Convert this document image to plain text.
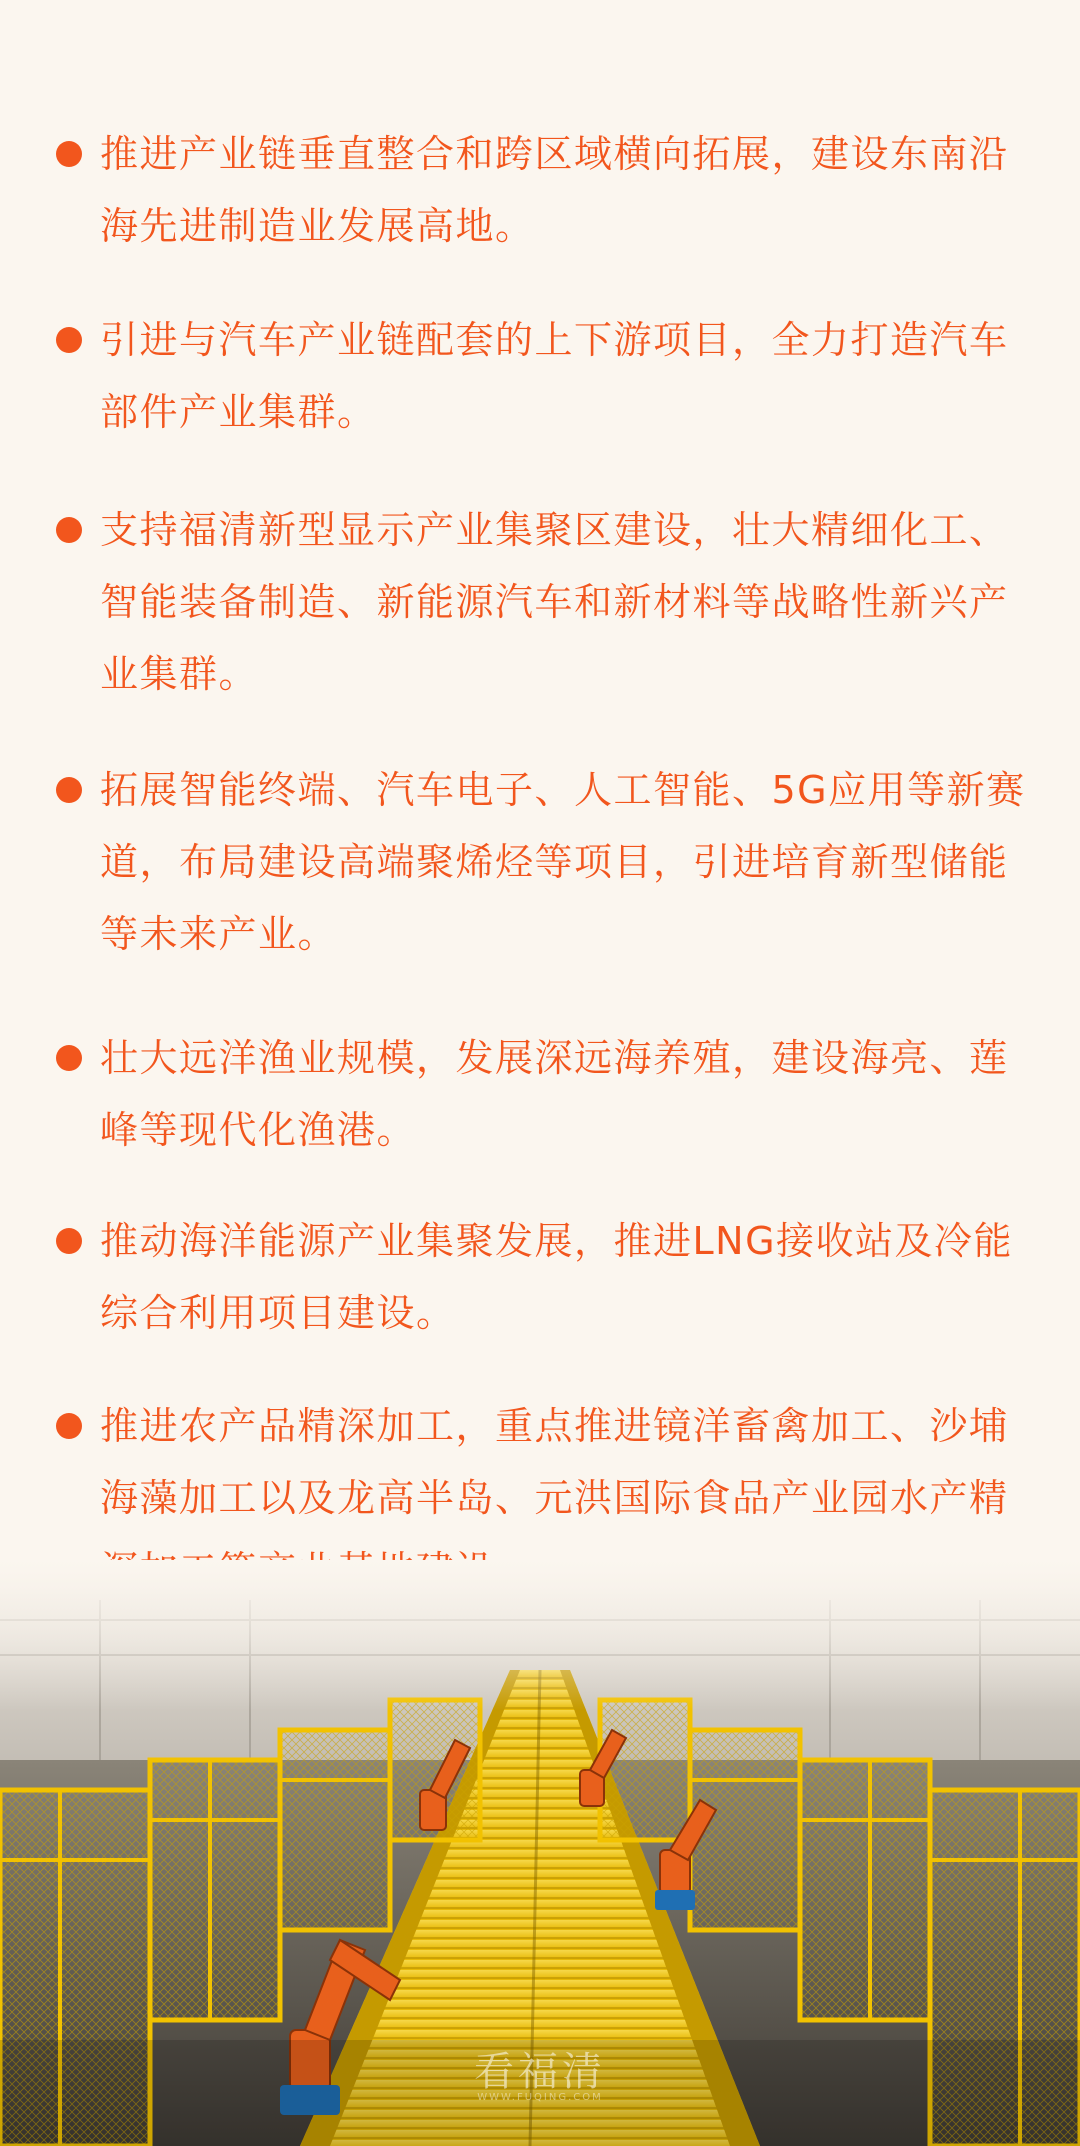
推进产业链垂直整合和跨区域横向拓展，建设东南沿海先进制造业发展高地。

引进与汽车产业链配套的上下游项目，全力打造汽车部件产业集群。

支持福清新型显示产业集聚区建设，壮大精细化工、智能装备制造、新能源汽车和新材料等战略性新兴产业集群。

拓展智能终端、汽车电子、人工智能、5G应用等新赛道，布局建设高端聚烯烃等项目，引进培育新型储能等未来产业。

壮大远洋渔业规模，发展深远海养殖，建设海亮、莲峰等现代化渔港。

推动海洋能源产业集聚发展，推进LNG接收站及冷能综合利用项目建设。

推进农产品精深加工，重点推进镜洋畜禽加工、沙埔海藻加工以及龙高半岛、元洪国际食品产业园水产精

看福清
WWW.FUQING.COM
